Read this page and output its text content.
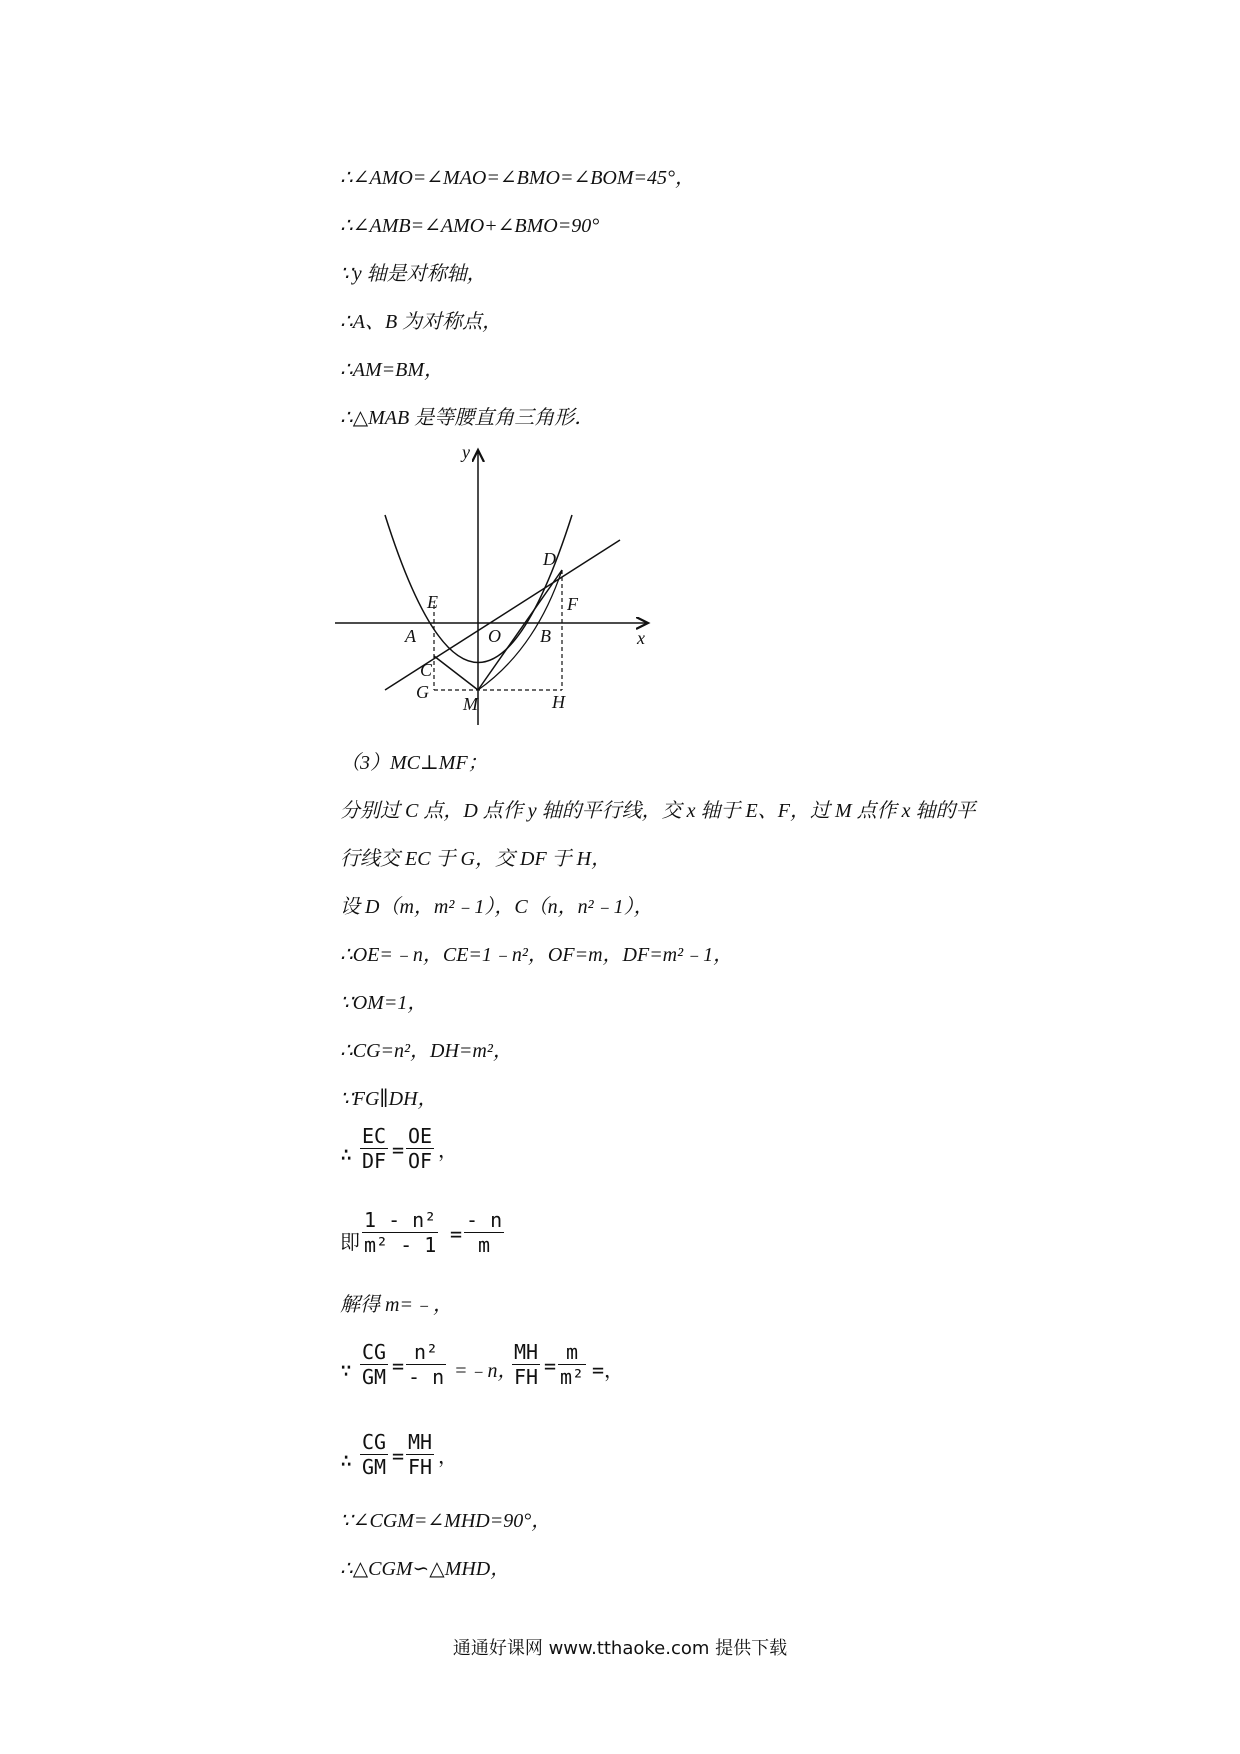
∴∠AMO=∠MAO=∠BMO=∠BOM=45°，
∴∠AMB=∠AMO+∠BMO=90°
∵y 轴是对称轴，
∴A、B 为对称点，
∴AM=BM，
∴△MAB 是等腰直角三角形．
y
x
D
E	F
A	O B
C
G
M	H
（3）MC⊥MF；
分别过 C 点，D 点作 y 轴的平行线，交 x 轴于 E、F，过 M 点作 x 轴的平
行线交 EC 于 G，交 DF 于 H，
设 D（m，m²﹣1），C（n，n²﹣1），
∴OE=﹣n，CE=1﹣n²，OF=m，DF=m²﹣1，
∵OM=1，
∴CG=n²，DH=m²，
∵FG∥DH，
∴ $\frac{EC}{DF} = \frac{OE}{OF}$ ，
即 $\frac{\text{1 - n²}}{\text{m² - 1}} = \frac{- n}{m}$
解得 m=﹣，
∵ $\frac{CG}{GM} = \frac{\text{n²}}{- n}$ =﹣n，
$\frac{MH}{FH} = \frac{m}{\text{m²}}$ =，
∴ $\frac{CG}{GM} = \frac{MH}{FH}$ ，
∵∠CGM=∠MHD=90°，
∴△CGM∽△MHD，
通通好课网 www.tthaoke.com 提供下载
